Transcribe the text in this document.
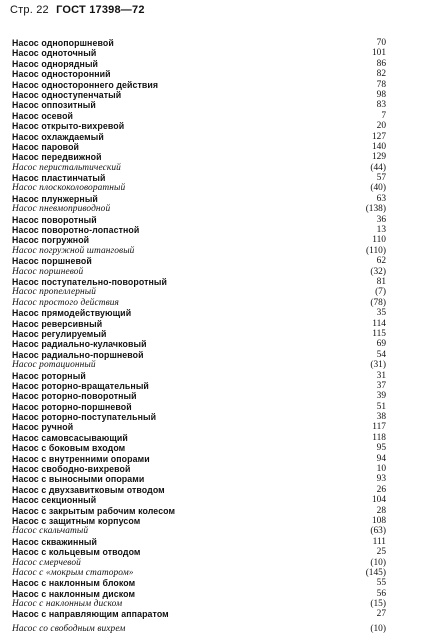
Стр. 22 ГОСТ 17398—72
Насос однопоршневой	70
Насос одноточный	101
Насос однорядный	86
Насос односторонний	82
Насос одностороннего действия	78
Насос одноступенчатый	98
Насос оппозитный	83
Насос осевой	7
Насос открыто-вихревой	20
Насос охлаждаемый	127
Насос паровой	140
Насос передвижной	129
Насос перистальтический	(44)
Насос пластинчатый	57
Насос плоскоколоворатный	(40)
Насос плунжерный	63
Насос пневмоприводной	(138)
Насос поворотный	36
Насос поворотно-лопастной	13
Насос погружной	110
Насос погружной штанговый	(110)
Насос поршневой	62
Насос поршневой	(32)
Насос поступательно-поворотный	81
Насос пропеллерный	(7)
Насос простого действия	(78)
Насос прямодействующий	35
Насос реверсивный	114
Насос регулируемый	115
Насос радиально-кулачковый	69
Насос радиально-поршневой	54
Насос ротационный	(31)
Насос роторный	31
Насос роторно-вращательный	37
Насос роторно-поворотный	39
Насос роторно-поршневой	51
Насос роторно-поступательный	38
Насос ручной	117
Насос самовсасывающий	118
Насос с боковым входом	95
Насос с внутренними опорами	94
Насос свободно-вихревой	10
Насос с выносными опорами	93
Насос с двухзавитковым отводом	26
Насос секционный	104
Насос с закрытым рабочим колесом	28
Насос с защитным корпусом	108
Насос скальчатый	(63)
Насос скважинный	111
Насос с кольцевым отводом	25
Насос смерчевой	(10)
Насос с «мокрым статором»	(145)
Насос с наклонным блоком	55
Насос с наклонным диском	56
Насос с наклонным диском	(15)
Насос с направляющим аппаратом	27
Насос со свободным вихрем	(10)
